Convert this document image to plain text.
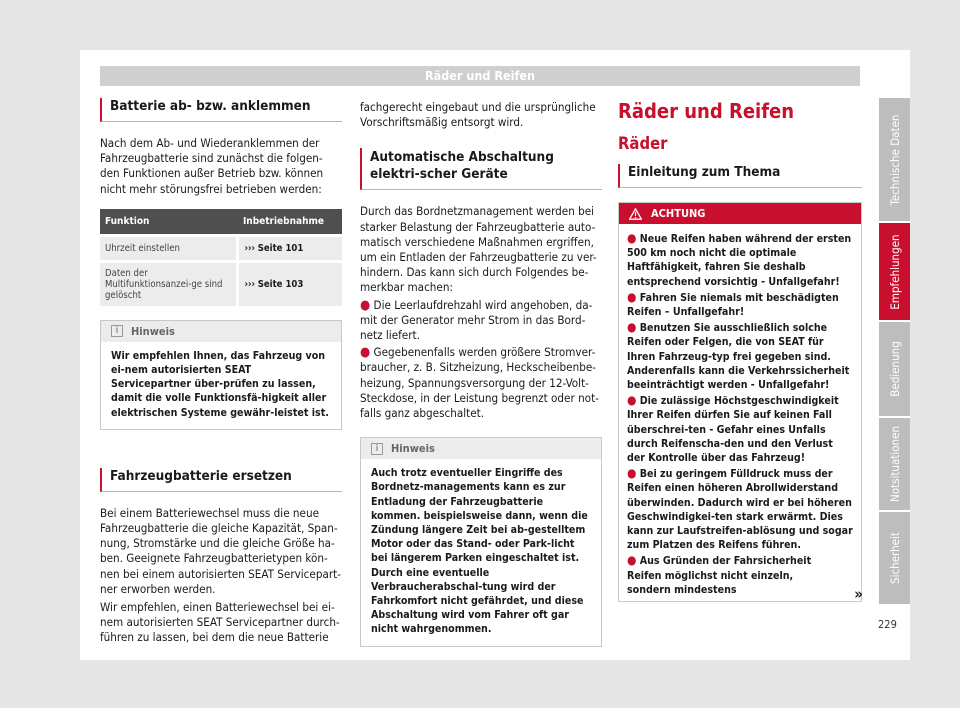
Räder und Reifen
Batterie ab- bzw. anklemmen

Nach dem Ab- und Wiederanklemmen der Fahrzeugbatterie sind zunächst die folgen-den Funktionen außer Betrieb bzw. können nicht mehr störungsfrei betrieben werden:

Funktion	Inbetriebnahme
Uhrzeit einstellen	››› Seite 101
Daten der Multifunktionsanzei-ge sind gelöscht	››› Seite 103
i	Hinweis
Wir empfehlen Ihnen, das Fahrzeug von ei-nem autorisierten SEAT Servicepartner über-prüfen zu lassen, damit die volle Funktionsfä-higkeit aller elektrischen Systeme gewähr-leistet ist.
Fahrzeugbatterie ersetzen

Bei einem Batteriewechsel muss die neue Fahrzeugbatterie die gleiche Kapazität, Span-nung, Stromstärke und die gleiche Größe ha-ben. Geeignete Fahrzeugbatterietypen kön-nen bei einem autorisierten SEAT Servicepart-ner erworben werden.

Wir empfehlen, einen Batteriewechsel bei ei-nem autorisierten SEAT Servicepartner durch-führen zu lassen, bei dem die neue Batterie

fachgerecht eingebaut und die ursprüngliche Vorschriftsmäßig entsorgt wird.

Automatische Abschaltung elektri-scher Geräte

Durch das Bordnetzmanagement werden bei starker Belastung der Fahrzeugbatterie auto-matisch verschiedene Maßnahmen ergriffen, um ein Entladen der Fahrzeugbatterie zu ver-hindern. Das kann sich durch Folgendes be-merkbar machen:

● Die Leerlaufdrehzahl wird angehoben, da-mit der Generator mehr Strom in das Bord-netz liefert.
● Gegebenenfalls werden größere Stromver-braucher, z. B. Sitzheizung, Heckscheibenbe-heizung, Spannungsversorgung der 12-Volt-Steckdose, in der Leistung begrenzt oder not-falls ganz abgeschaltet.
i	Hinweis
Auch trotz eventueller Eingriffe des Bordnetz-managements kann es zur Entladung der Fahrzeugbatterie kommen. beispielsweise dann, wenn die Zündung längere Zeit bei ab-gestelltem Motor oder das Stand- oder Park-licht bei längerem Parken eingeschaltet ist. Durch eine eventuelle Verbraucherabschal-tung wird der Fahrkomfort nicht gefährdet, und diese Abschaltung wird vom Fahrer oft gar nicht wahrgenommen.
Räder und Reifen
Räder
Einleitung zum Thema
ACHTUNG
● Neue Reifen haben während der ersten 500 km noch nicht die optimale Haftfähigkeit, fahren Sie deshalb entsprechend vorsichtig - Unfallgefahr!
● Fahren Sie niemals mit beschädigten Reifen – Unfallgefahr!
● Benutzen Sie ausschließlich solche Reifen oder Felgen, die von SEAT für Ihren Fahrzeug-typ frei gegeben sind. Anderenfalls kann die Verkehrssicherheit beeinträchtigt werden - Unfallgefahr!
● Die zulässige Höchstgeschwindigkeit Ihrer Reifen dürfen Sie auf keinen Fall überschrei-ten - Gefahr eines Unfalls durch Reifenscha-den und den Verlust der Kontrolle über das Fahrzeug!
● Bei zu geringem Fülldruck muss der Reifen einen höheren Abrollwiderstand überwinden. Dadurch wird er bei höheren Geschwindigkei-ten stark erwärmt. Dies kann zur Laufstreifen-ablösung und sogar zum Platzen des Reifens führen.
● Aus Gründen der Fahrsicherheit Reifen möglichst nicht einzeln, sondern mindestens	»
Technische Daten
Empfehlungen
Bedienung
Notsituationen
Sicherheit
229
